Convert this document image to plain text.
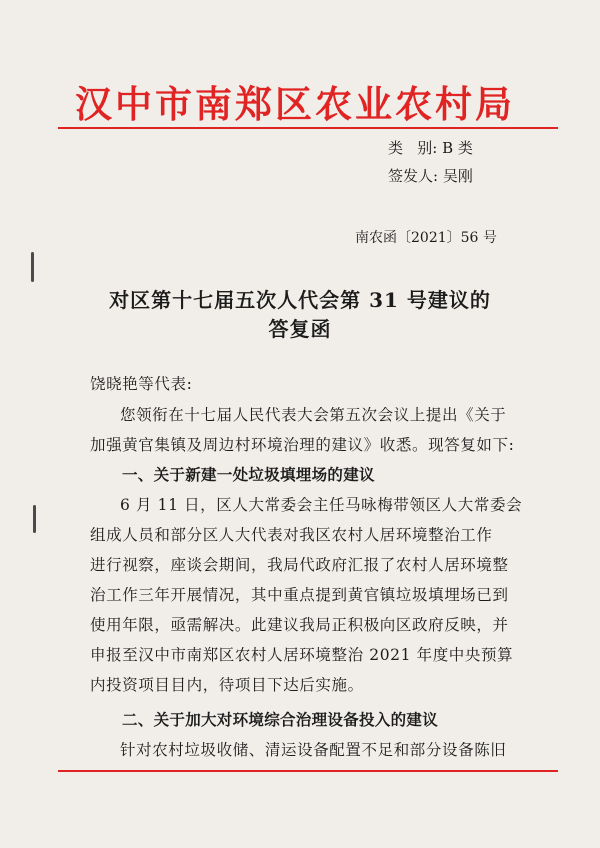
汉中市南郑区农业农村局
类   别: B 类
签发人: 吴刚
南农函〔2021〕56 号
对区第十七届五次人代会第 31 号建议的
答复函
饶晓艳等代表:
您领衔在十七届人民代表大会第五次会议上提出《关于
加强黄官集镇及周边村环境治理的建议》收悉。现答复如下:
一、关于新建一处垃圾填埋场的建议
6 月 11 日，区人大常委会主任马咏梅带领区人大常委会
组成人员和部分区人大代表对我区农村人居环境整治工作
进行视察，座谈会期间，我局代政府汇报了农村人居环境整
治工作三年开展情况，其中重点提到黄官镇垃圾填埋场已到
使用年限，亟需解决。此建议我局正积极向区政府反映，并
申报至汉中市南郑区农村人居环境整治 2021 年度中央预算
内投资项目目内，待项目下达后实施。
二、关于加大对环境综合治理设备投入的建议
针对农村垃圾收储、清运设备配置不足和部分设备陈旧
